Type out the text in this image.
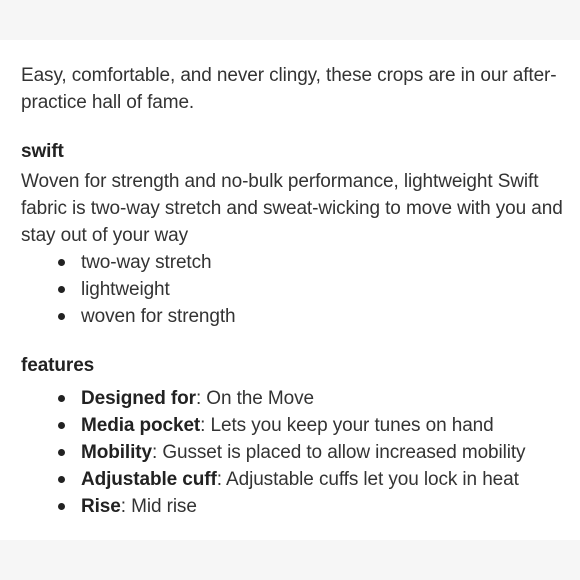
Easy, comfortable, and never clingy, these crops are in our after-practice hall of fame.

swift

Woven for strength and no-bulk performance, lightweight Swift fabric is two-way stretch and sweat-wicking to move with you and stay out of your way

two-way stretch
lightweight
woven for strength
features
Designed for: On the Move
Media pocket: Lets you keep your tunes on hand
Mobility: Gusset is placed to allow increased mobility
Adjustable cuff: Adjustable cuffs let you lock in heat
Rise: Mid rise
